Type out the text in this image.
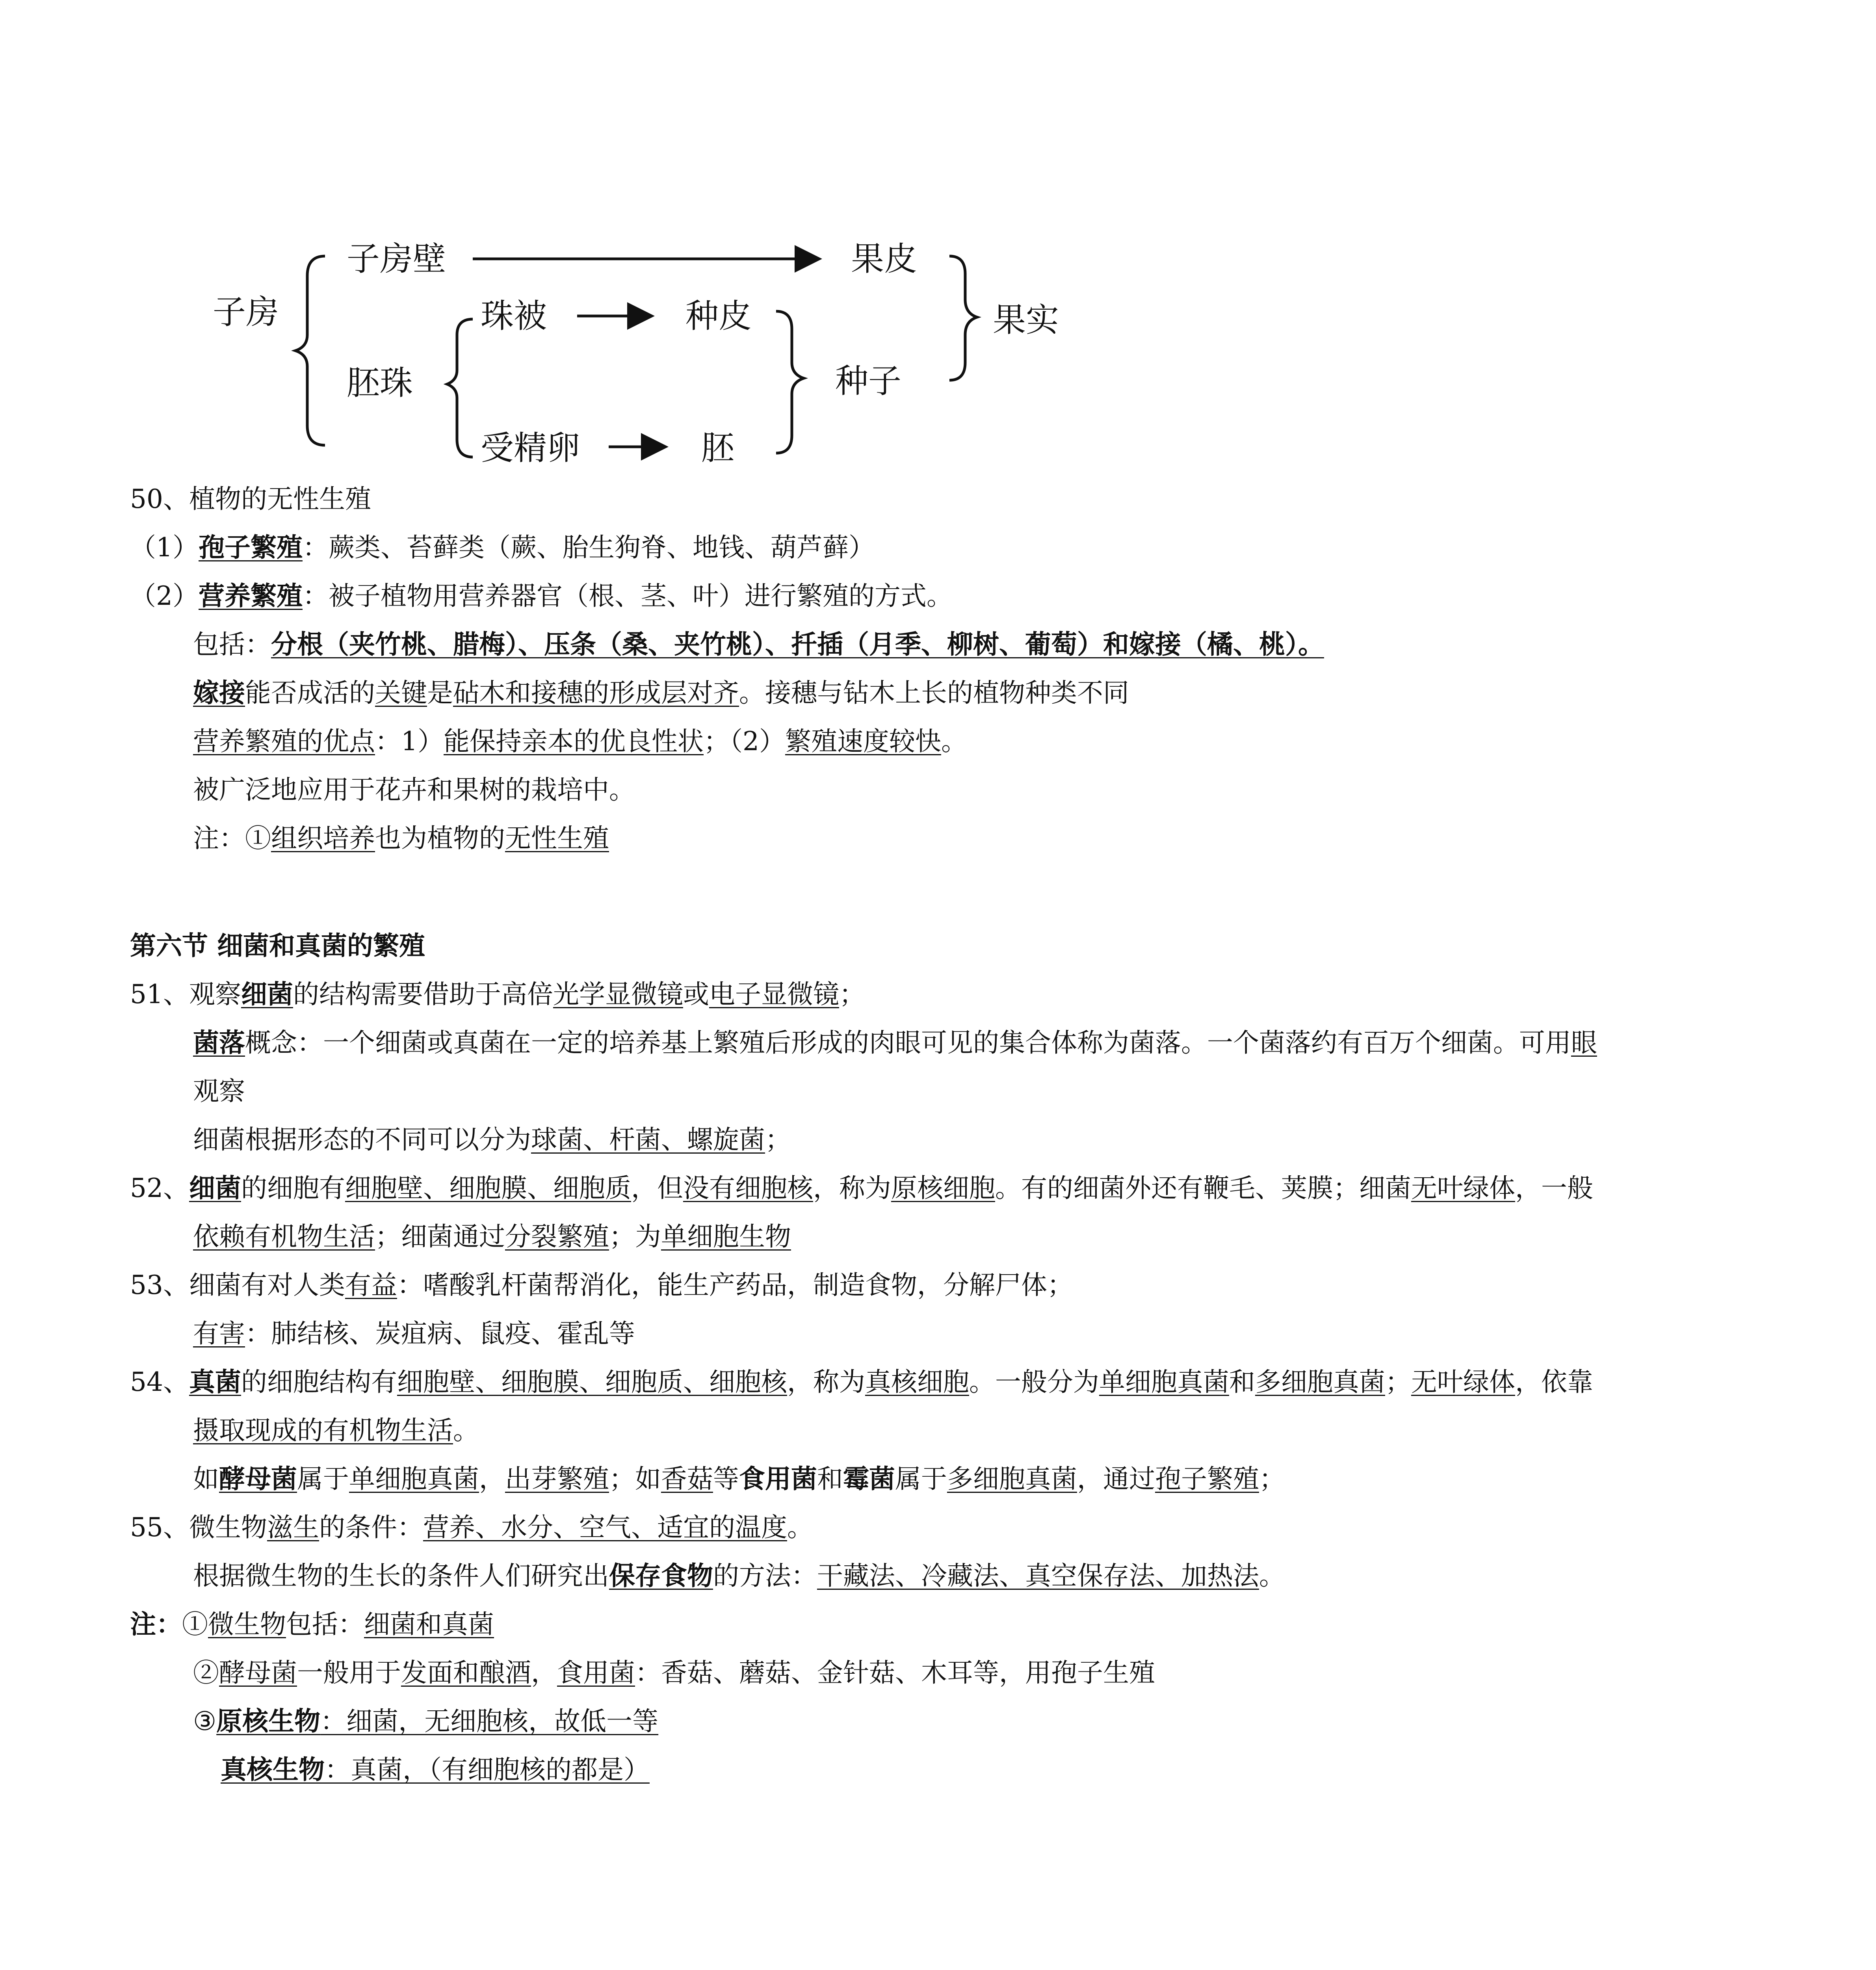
子房
子房壁	果皮
胚珠
珠被	种皮
受精卵	胚
种子
果实
50、植物的无性生殖
（1）孢子繁殖：蕨类、苔藓类（蕨、胎生狗脊、地钱、葫芦藓）
（2）营养繁殖：被子植物用营养器官（根、茎、叶）进行繁殖的方式。
包括：分根（夹竹桃、腊梅）、压条（桑、夹竹桃）、扦插（月季、柳树、葡萄）和嫁接（橘、桃）。
嫁接能否成活的关键是砧木和接穗的形成层对齐。接穗与钻木上长的植物种类不同
营养繁殖的优点：1）能保持亲本的优良性状；（2）繁殖速度较快。
被广泛地应用于花卉和果树的栽培中。
注：①组织培养也为植物的无性生殖
第六节 细菌和真菌的繁殖
51、观察细菌的结构需要借助于高倍光学显微镜或电子显微镜；
菌落概念：一个细菌或真菌在一定的培养基上繁殖后形成的肉眼可见的集合体称为菌落。一个菌落约有百万个细菌。可用眼
观察
细菌根据形态的不同可以分为球菌、杆菌、螺旋菌；
52、细菌的细胞有细胞壁、细胞膜、细胞质，但没有细胞核，称为原核细胞。有的细菌外还有鞭毛、荚膜；细菌无叶绿体，一般
依赖有机物生活；细菌通过分裂繁殖；为单细胞生物
53、细菌有对人类有益：嗜酸乳杆菌帮消化，能生产药品，制造食物，分解尸体；
有害：肺结核、炭疽病、鼠疫、霍乱等
54、真菌的细胞结构有细胞壁、细胞膜、细胞质、细胞核，称为真核细胞。一般分为单细胞真菌和多细胞真菌；无叶绿体，依靠
摄取现成的有机物生活。
如酵母菌属于单细胞真菌，出芽繁殖；如香菇等食用菌和霉菌属于多细胞真菌，通过孢子繁殖；
55、微生物滋生的条件：营养、水分、空气、适宜的温度。
根据微生物的生长的条件人们研究出保存食物的方法：干藏法、冷藏法、真空保存法、加热法。
注：①微生物包括：细菌和真菌
②酵母菌一般用于发面和酿酒，食用菌：香菇、蘑菇、金针菇、木耳等，用孢子生殖
③原核生物：细菌，无细胞核，故低一等
真核生物：真菌，（有细胞核的都是）
